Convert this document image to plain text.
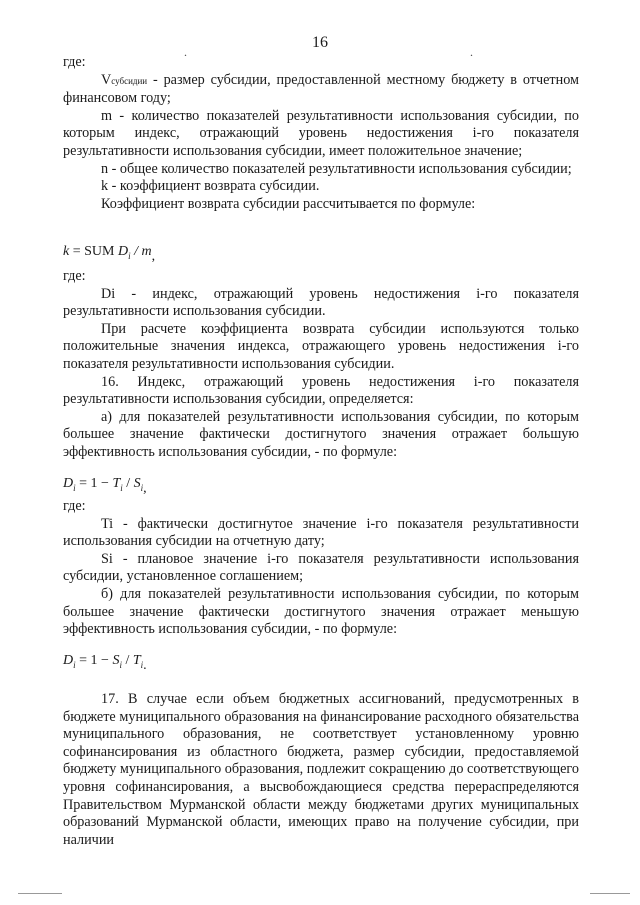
16
.	.

где:

Vсубсидии - размер субсидии, предоставленной местному бюджету в отчетном финансовом году;

m - количество показателей результативности использования субсидии, по которым индекс, отражающий уровень недостижения i-го показателя результативности использования субсидии, имеет положительное значение;

n - общее количество показателей результативности использования субсидии;

k - коэффициент возврата субсидии.

Коэффициент возврата субсидии рассчитывается по формуле:

k = SUM $D_i$ / m,

где:

Di - индекс, отражающий уровень недостижения i-го показателя результативности использования субсидии.

При расчете коэффициента возврата субсидии используются только положительные значения индекса, отражающего уровень недостижения i-го показателя результативности использования субсидии.

16. Индекс, отражающий уровень недостижения i-го показателя результативности использования субсидии, определяется:

а) для показателей результативности использования субсидии, по которым большее значение фактически достигнутого значения отражает большую эффективность использования субсидии, - по формуле:

$D_i = 1 - T_i / S_i$,

где:

Ti - фактически достигнутое значение i-го показателя результативности использования субсидии на отчетную дату;

Si - плановое значение i-го показателя результативности использования субсидии, установленное соглашением;

б) для показателей результативности использования субсидии, по которым большее значение фактически достигнутого значения отражает меньшую эффективность использования субсидии, - по формуле:

$D_i = 1 - S_i / T_i$.

17. В случае если объем бюджетных ассигнований, предусмотренных в бюджете муниципального образования на финансирование расходного обязательства муниципального образования, не соответствует установленному уровню софинансирования из областного бюджета, размер субсидии, предоставляемой бюджету муниципального образования, подлежит сокращению до соответствующего уровня софинансирования, а высвобождающиеся средства перераспределяются Правительством Мурманской области между бюджетами других муниципальных образований Мурманской области, имеющих право на получение субсидии, при наличии
